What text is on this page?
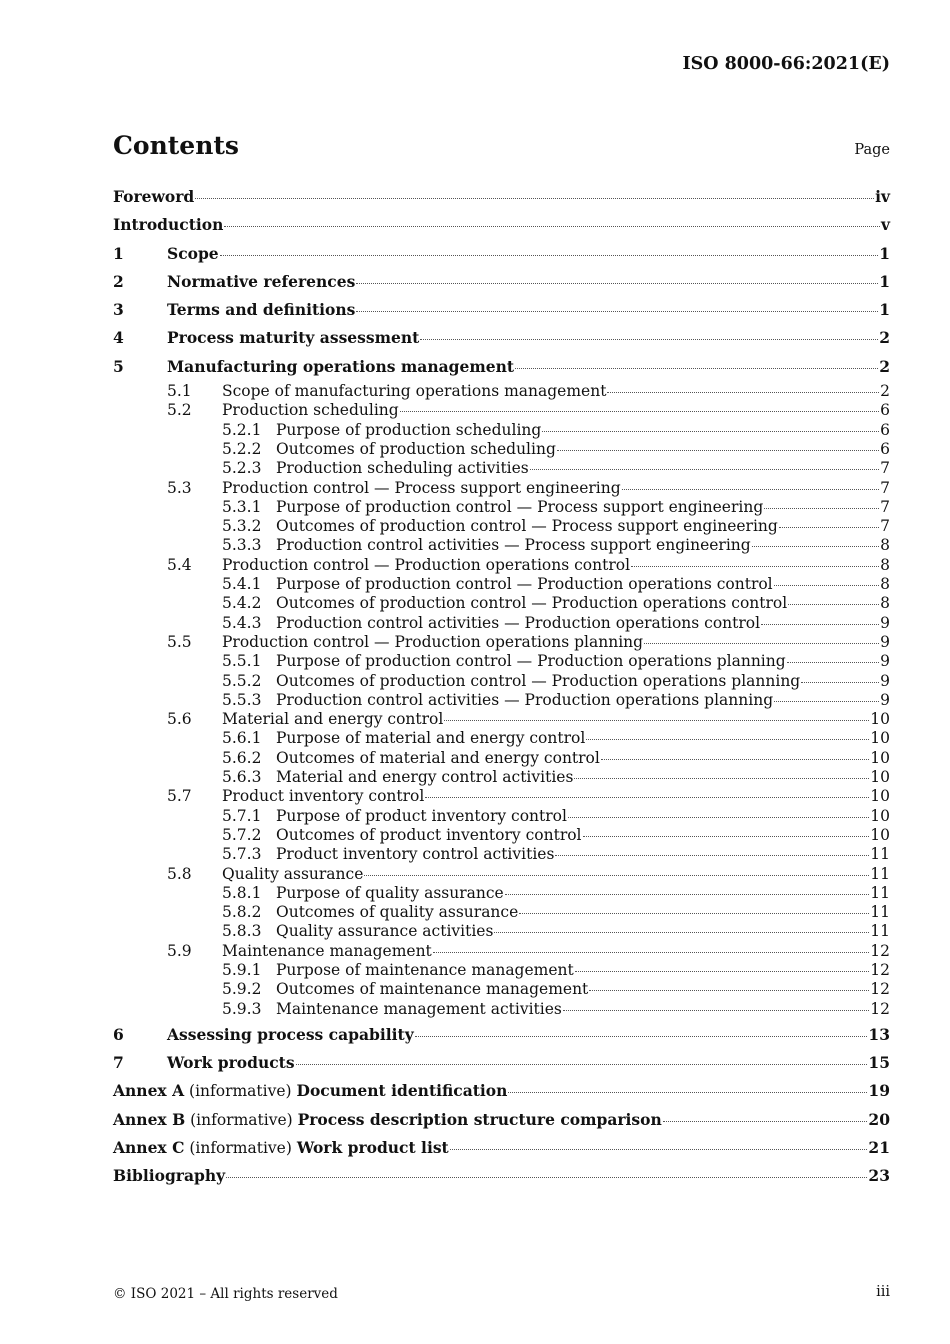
ISO 8000-66:2021(E)
Contents	Page
Foreword	iv
Introduction	v
1	Scope	1
2	Normative references	1
3	Terms and definitions	1
4	Process maturity assessment	2
5	Manufacturing operations management	2
5.1	Scope of manufacturing operations management	2
5.2	Production scheduling	6
5.2.1 Purpose of production scheduling	6
5.2.2 Outcomes of production scheduling	6
5.2.3 Production scheduling activities	7
5.3	Production control — Process support engineering	7
5.3.1 Purpose of production control — Process support engineering	7
5.3.2 Outcomes of production control — Process support engineering	7
5.3.3 Production control activities — Process support engineering	8
5.4	Production control — Production operations control	8
5.4.1 Purpose of production control — Production operations control	8
5.4.2 Outcomes of production control — Production operations control	8
5.4.3 Production control activities — Production operations control	9
5.5	Production control — Production operations planning	9
5.5.1 Purpose of production control — Production operations planning	9
5.5.2 Outcomes of production control — Production operations planning	9
5.5.3 Production control activities — Production operations planning	9
5.6	Material and energy control	10
5.6.1 Purpose of material and energy control	10
5.6.2 Outcomes of material and energy control	10
5.6.3 Material and energy control activities	10
5.7	Product inventory control	10
5.7.1 Purpose of product inventory control	10
5.7.2 Outcomes of product inventory control	10
5.7.3 Product inventory control activities	11
5.8	Quality assurance	11
5.8.1 Purpose of quality assurance	11
5.8.2 Outcomes of quality assurance	11
5.8.3 Quality assurance activities	11
5.9	Maintenance management	12
5.9.1 Purpose of maintenance management	12
5.9.2 Outcomes of maintenance management	12
5.9.3 Maintenance management activities	12
6	Assessing process capability	13
7	Work products	15
Annex A (informative) Document identification	19
Annex B (informative) Process description structure comparison	20
Annex C (informative) Work product list	21
Bibliography	23
© ISO 2021 – All rights reserved	iii
